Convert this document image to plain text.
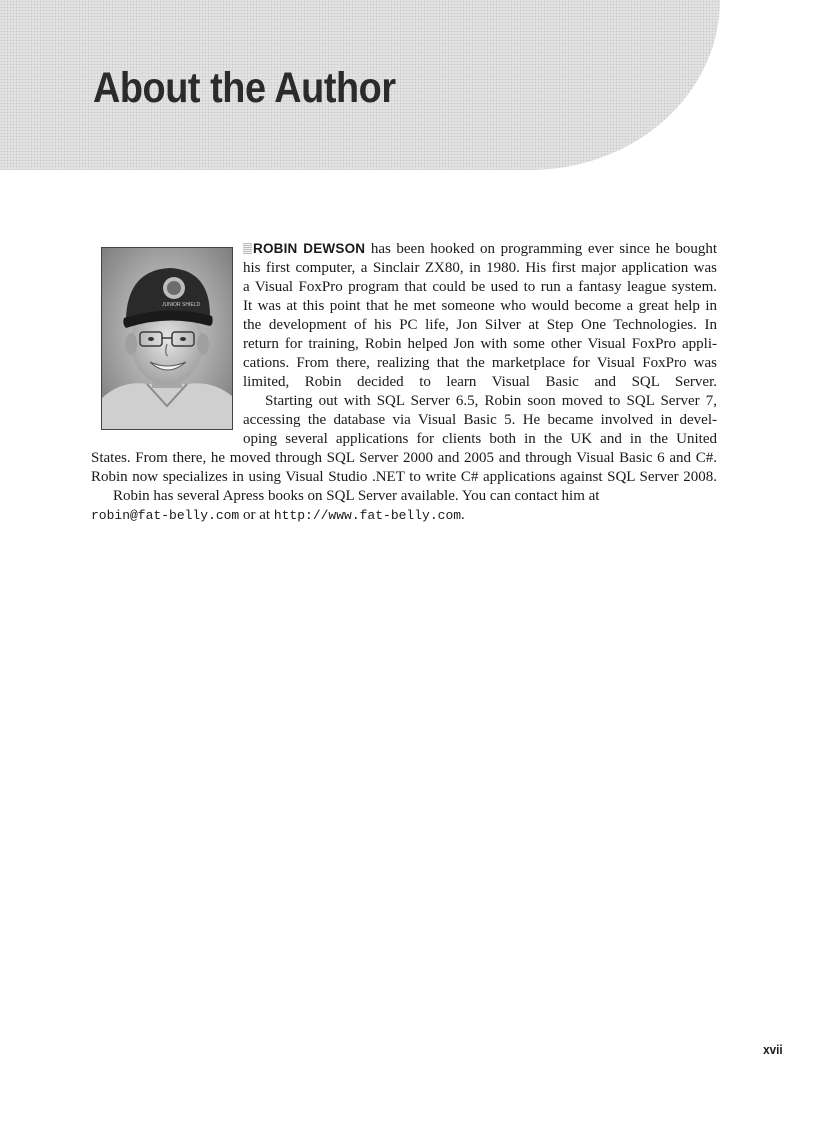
About the Author
JUNIOR SHIELD
ROBIN DEWSON has been hooked on programming ever since he bought
his first computer, a Sinclair ZX80, in 1980. His first major application was
a Visual FoxPro program that could be used to run a fantasy league system.
It was at this point that he met someone who would become a great help in
the development of his PC life, Jon Silver at Step One Technologies. In
return for training, Robin helped Jon with some other Visual FoxPro appli-
cations. From there, realizing that the marketplace for Visual FoxPro was
limited, Robin decided to learn Visual Basic and SQL Server.
Starting out with SQL Server 6.5, Robin soon moved to SQL Server 7,
accessing the database via Visual Basic 5. He became involved in devel-
oping several applications for clients both in the UK and in the United
States. From there, he moved through SQL Server 2000 and 2005 and through Visual Basic 6 and C#.
Robin now specializes in using Visual Studio .NET to write C# applications against SQL Server 2008.
Robin has several Apress books on SQL Server available. You can contact him at
robin@fat-belly.com or at http://www.fat-belly.com.
xvii
